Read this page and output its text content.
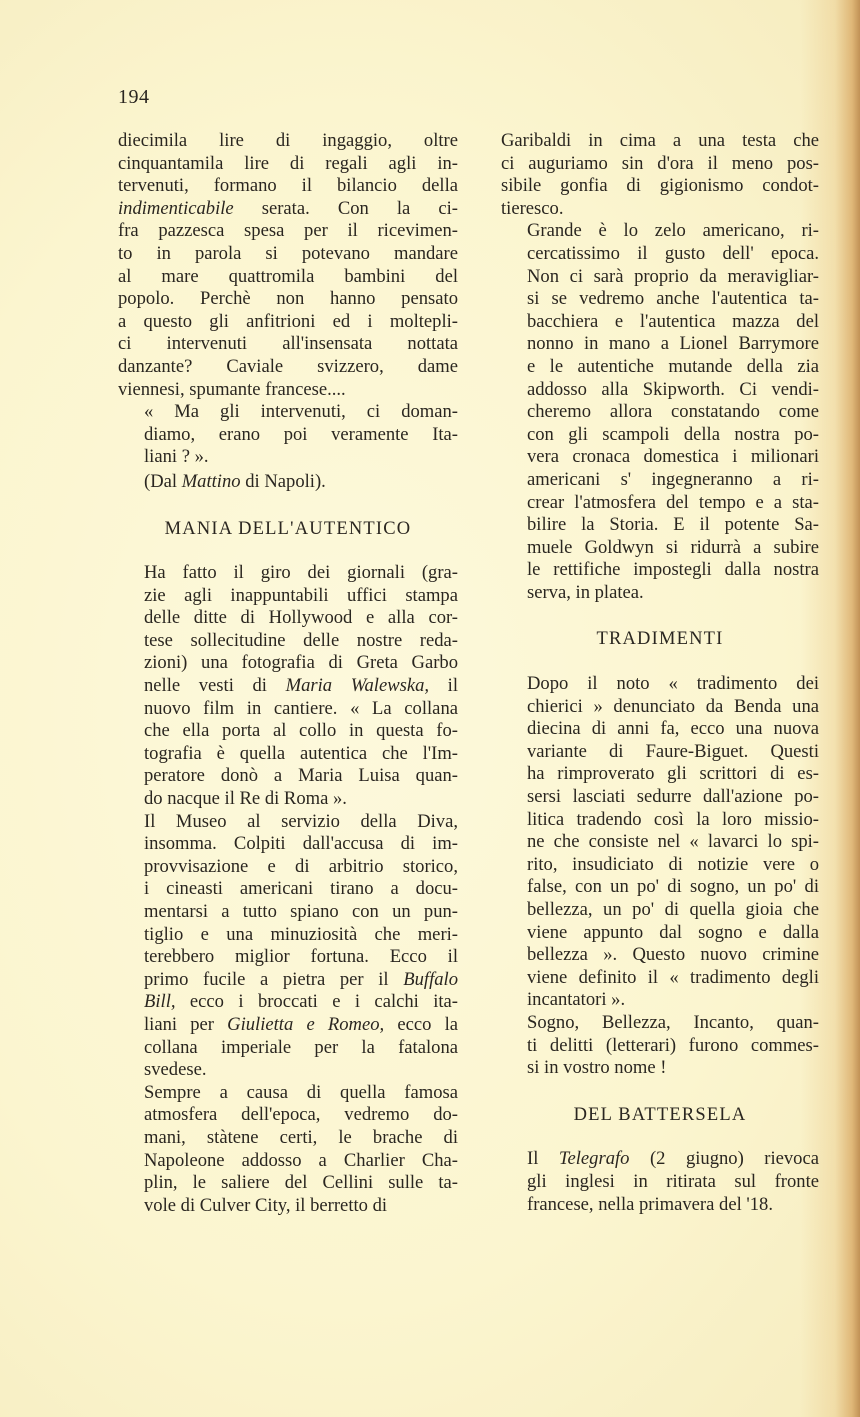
194
diecimila lire di ingaggio, oltre
cinquantamila lire di regali agli in-
tervenuti, formano il bilancio della
indimenticabile serata. Con la ci-
fra pazzesca spesa per il ricevimen-
to in parola si potevano mandare
al mare quattromila bambini del
popolo. Perchè non hanno pensato
a questo gli anfitrioni ed i moltepli-
ci intervenuti all'insensata nottata
danzante? Caviale svizzero, dame
viennesi, spumante francese....
« Ma gli intervenuti, ci doman-
diamo, erano poi veramente Ita-
liani ? ».

(Dal Mattino di Napoli).

MANIA DELL'AUTENTICO
Ha fatto il giro dei giornali (gra-
zie agli inappuntabili uffici stampa
delle ditte di Hollywood e alla cor-
tese sollecitudine delle nostre reda-
zioni) una fotografia di Greta Garbo
nelle vesti di Maria Walewska, il
nuovo film in cantiere. « La collana
che ella porta al collo in questa fo-
tografia è quella autentica che l'Im-
peratore donò a Maria Luisa quan-
do nacque il Re di Roma ».
Il Museo al servizio della Diva,
insomma. Colpiti dall'accusa di im-
provvisazione e di arbitrio storico,
i cineasti americani tirano a docu-
mentarsi a tutto spiano con un pun-
tiglio e una minuziosità che meri-
terebbero miglior fortuna. Ecco il
primo fucile a pietra per il Buffalo
Bill, ecco i broccati e i calchi ita-
liani per Giulietta e Romeo, ecco la
collana imperiale per la fatalona
svedese.
Sempre a causa di quella famosa
atmosfera dell'epoca, vedremo do-
mani, stàtene certi, le brache di
Napoleone addosso a Charlier Cha-
plin, le saliere del Cellini sulle ta-
vole di Culver City, il berretto di
Garibaldi in cima a una testa che
ci auguriamo sin d'ora il meno pos-
sibile gonfia di gigionismo condot-
tieresco.
Grande è lo zelo americano, ri-
cercatissimo il gusto dell' epoca.
Non ci sarà proprio da meravigliar-
si se vedremo anche l'autentica ta-
bacchiera e l'autentica mazza del
nonno in mano a Lionel Barrymore
e le autentiche mutande della zia
addosso alla Skipworth. Ci vendi-
cheremo allora constatando come
con gli scampoli della nostra po-
vera cronaca domestica i milionari
americani s' ingegneranno a ri-
crear l'atmosfera del tempo e a sta-
bilire la Storia. E il potente Sa-
muele Goldwyn si ridurrà a subire
le rettifiche impostegli dalla nostra
serva, in platea.
TRADIMENTI
Dopo il noto « tradimento dei
chierici » denunciato da Benda una
diecina di anni fa, ecco una nuova
variante di Faure-Biguet. Questi
ha rimproverato gli scrittori di es-
sersi lasciati sedurre dall'azione po-
litica tradendo così la loro missio-
ne che consiste nel « lavarci lo spi-
rito, insudiciato di notizie vere o
false, con un po' di sogno, un po' di
bellezza, un po' di quella gioia che
viene appunto dal sogno e dalla
bellezza ». Questo nuovo crimine
viene definito il « tradimento degli
incantatori ».
Sogno, Bellezza, Incanto, quan-
ti delitti (letterari) furono commes-
si in vostro nome !
DEL BATTERSELA
Il Telegrafo (2 giugno) rievoca
gli inglesi in ritirata sul fronte
francese, nella primavera del '18.
